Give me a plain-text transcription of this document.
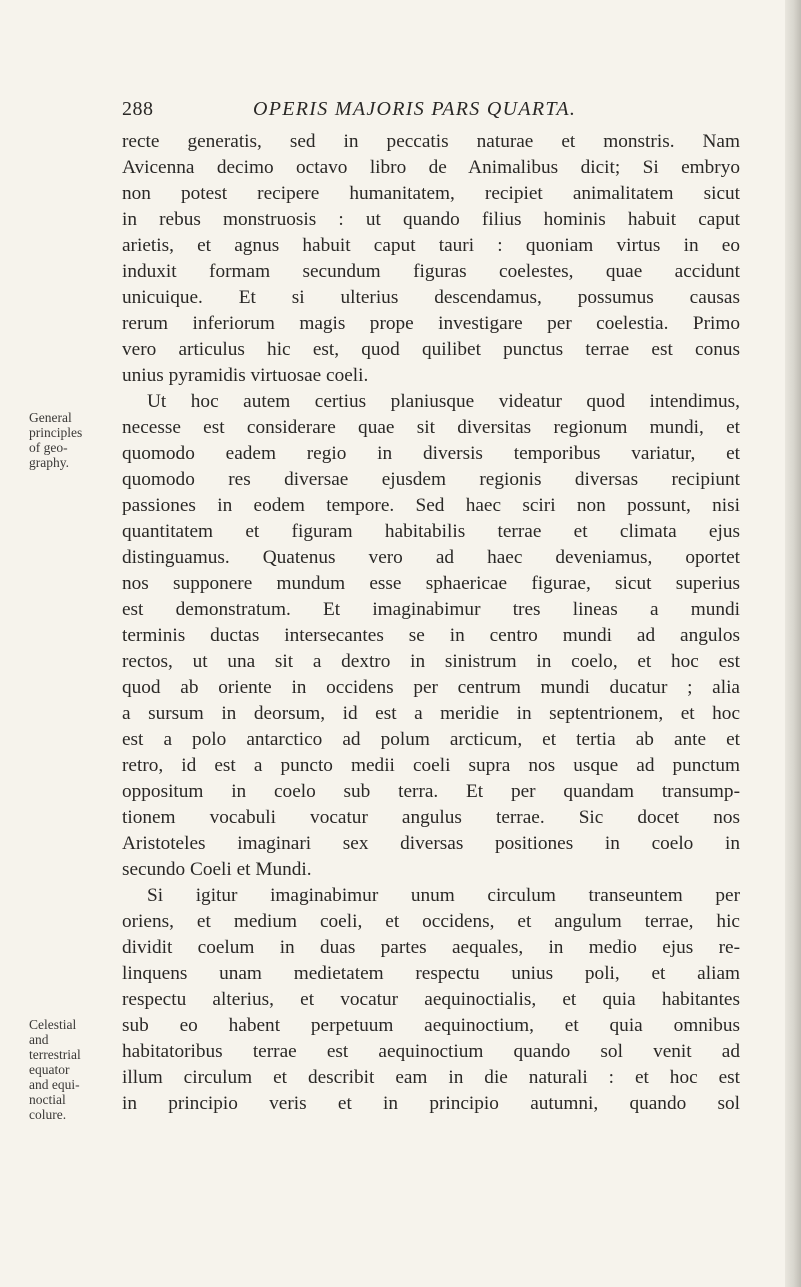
288	OPERIS MAJORIS PARS QUARTA.
General
principles
of geo-
graphy.
Celestial
and
terrestrial
equator
and equi-
noctial
colure.
recte generatis, sed in peccatis naturae et monstris. Nam
Avicenna decimo octavo libro de Animalibus dicit; Si embryo
non potest recipere humanitatem, recipiet animalitatem sicut
in rebus monstruosis : ut quando filius hominis habuit caput
arietis, et agnus habuit caput tauri : quoniam virtus in eo
induxit formam secundum figuras coelestes, quae accidunt
unicuique. Et si ulterius descendamus, possumus causas
rerum inferiorum magis prope investigare per coelestia. Primo
vero articulus hic est, quod quilibet punctus terrae est conus
unius pyramidis virtuosae coeli.
Ut hoc autem certius planiusque videatur quod intendimus,
necesse est considerare quae sit diversitas regionum mundi, et
quomodo eadem regio in diversis temporibus variatur, et
quomodo res diversae ejusdem regionis diversas recipiunt
passiones in eodem tempore. Sed haec sciri non possunt, nisi
quantitatem et figuram habitabilis terrae et climata ejus
distinguamus. Quatenus vero ad haec deveniamus, oportet
nos supponere mundum esse sphaericae figurae, sicut superius
est demonstratum. Et imaginabimur tres lineas a mundi
terminis ductas intersecantes se in centro mundi ad angulos
rectos, ut una sit a dextro in sinistrum in coelo, et hoc est
quod ab oriente in occidens per centrum mundi ducatur ; alia
a sursum in deorsum, id est a meridie in septentrionem, et hoc
est a polo antarctico ad polum arcticum, et tertia ab ante et
retro, id est a puncto medii coeli supra nos usque ad punctum
oppositum in coelo sub terra. Et per quandam transump-
tionem vocabuli vocatur angulus terrae. Sic docet nos
Aristoteles imaginari sex diversas positiones in coelo in
secundo Coeli et Mundi.
Si igitur imaginabimur unum circulum transeuntem per
oriens, et medium coeli, et occidens, et angulum terrae, hic
dividit coelum in duas partes aequales, in medio ejus re-
linquens unam medietatem respectu unius poli, et aliam
respectu alterius, et vocatur aequinoctialis, et quia habitantes
sub eo habent perpetuum aequinoctium, et quia omnibus
habitatoribus terrae est aequinoctium quando sol venit ad
illum circulum et describit eam in die naturali : et hoc est
in principio veris et in principio autumni, quando sol
